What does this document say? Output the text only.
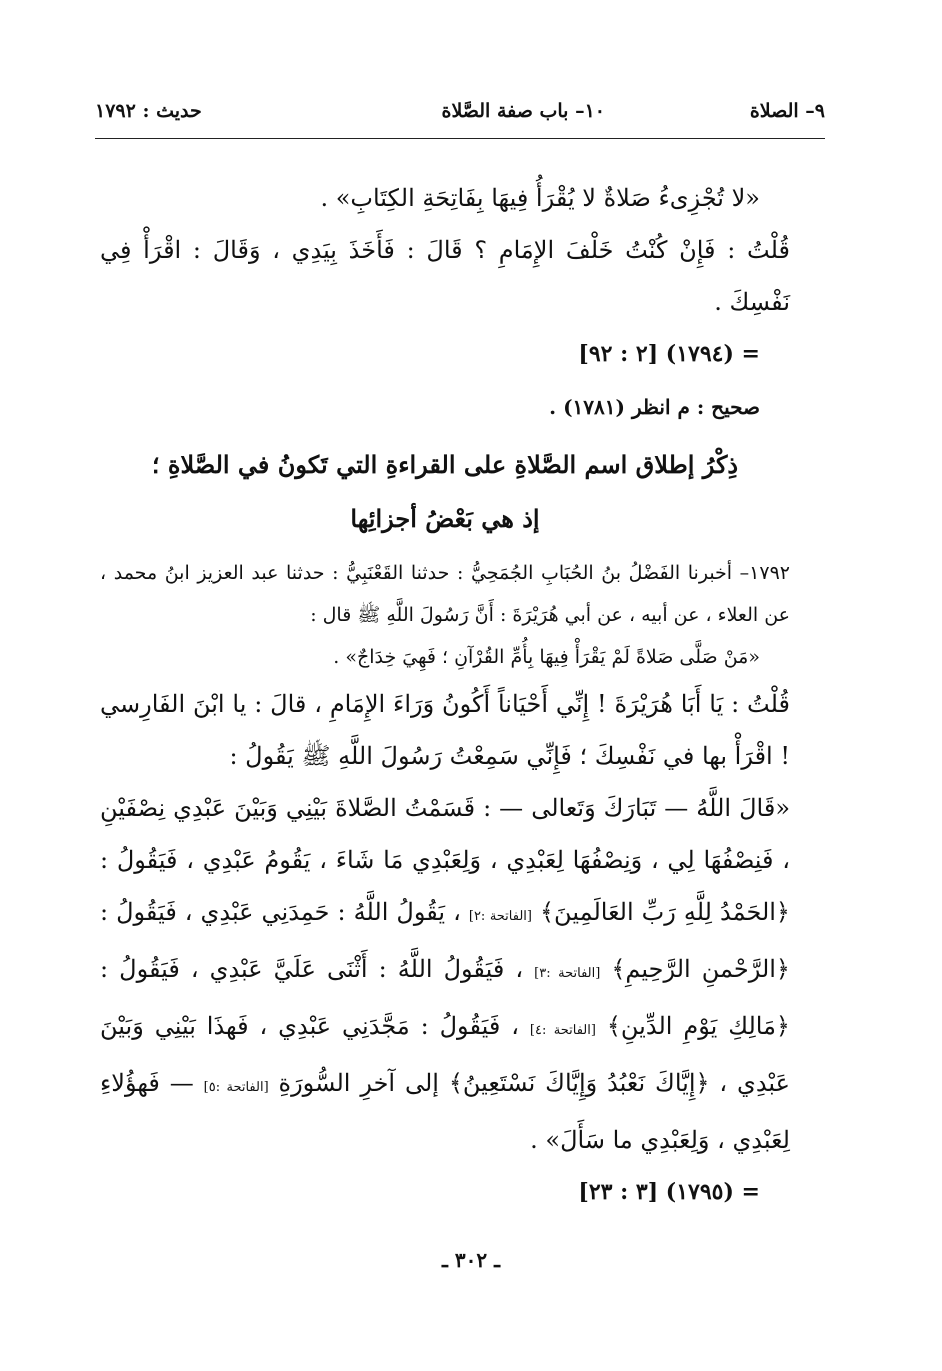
٩– الصلاة
١٠– باب صفة الصَّلاة
حديث : ١٧٩٢

«لا تُجْزِىءُ صَلاةٌ لا يُقْرَأُ فِيهَا بِفَاتِحَةِ الكِتَابِ» .

قُلْتُ : فَإِنْ كُنْتُ خَلْفَ الإِمَامِ ؟ قَالَ : فَأَخَذَ بِيَدِي ، وَقَالَ : اقْرَأْ فِي نَفْسِكَ .

= (١٧٩٤) [٢ : ٩٢]

صحيح : م انظر (١٧٨١) .

ذِكْرُ إطلاق اسم الصَّلاةِ على القراءةِ التي تَكونُ في الصَّلاةِ ؛ إذ هي بَعْضُ أجزائِها

١٧٩٢– أخبرنا الفَضْلُ بنُ الحُبَابِ الجُمَحِيُّ : حدثنا القَعْنَبِيُّ : حدثنا عبد العزيز ابنُ محمد ، عن العلاء ، عن أبيه ، عن أبي هُرَيْرَةَ : أَنَّ رَسُولَ اللَّهِ ﷺ قال :

«مَنْ صَلَّى صَلاةً لَمْ يَقْرَأْ فِيهَا بِأُمِّ القُرْآنِ ؛ فَهِيَ خِدَاجٌ» .

قُلْتُ : يَا أَبَا هُرَيْرَةَ ! إِنِّي أَحْيَاناً أَكُونُ وَرَاءَ الإِمَامِ ، قالَ : يا ابْنَ الفَارِسي ! اقْرَأْ بها في نَفْسِكَ ؛ فَإِنِّي سَمِعْتُ رَسُولَ اللَّهِ ﷺ يَقُولُ :

«قَالَ اللَّهُ — تَبَارَكَ وَتَعالى — : قَسَمْتُ الصَّلاةَ بَيْنِي وَبَيْنَ عَبْدِي نِصْفَيْنِ ، فَنِصْفُهَا لِي ، وَنِصْفُهَا لِعَبْدِي ، وَلِعَبْدِي مَا شَاءَ ، يَقُومُ عَبْدِي ، فَيَقُولُ : ﴿الحَمْدُ لِلَّهِ رَبِّ العَالَمِينَ﴾ [الفاتحة :٢] ، يَقُولُ اللَّهُ : حَمِدَنِي عَبْدِي ، فَيَقُولُ : ﴿الرَّحْمنِ الرَّحِيمِ﴾ [الفاتحة :٣] ، فَيَقُولُ اللَّهُ : أَثْنَى عَلَيَّ عَبْدِي ، فَيَقُولُ : ﴿مَالِكِ يَوْمِ الدِّينِ﴾ [الفاتحة :٤] ، فَيَقُولُ : مَجَّدَنِي عَبْدِي ، فَهذَا بَيْنِي وَبَيْنَ عَبْدِي ، ﴿إِيَّاكَ نَعْبُدُ وَإِيَّاكَ نَسْتَعِينُ﴾ إلى آخرِ السُّورَةِ [الفاتحة :٥] — فَهؤُلاءِ لِعَبْدِي ، وَلِعَبْدِي ما سَأَلَ» .

= (١٧٩٥) [٣ : ٢٣]

ـ ٣٠٢ ـ
